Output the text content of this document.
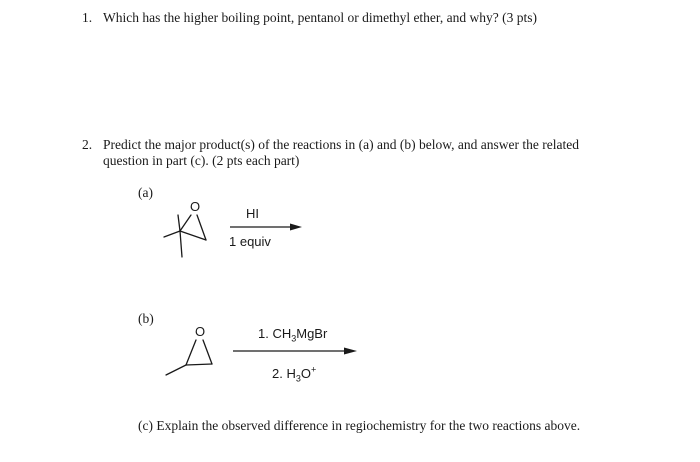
1. Which has the higher boiling point, pentanol or dimethyl ether, and why? (3 pts)
2. Predict the major product(s) of the reactions in (a) and (b) below, and answer the related
question in part (c). (2 pts each part)
(a)
O	HI
1 equiv
(b)
O	1. $CH_3MgBr$
2. $H_3O^+$
(c) Explain the observed difference in regiochemistry for the two reactions above.
